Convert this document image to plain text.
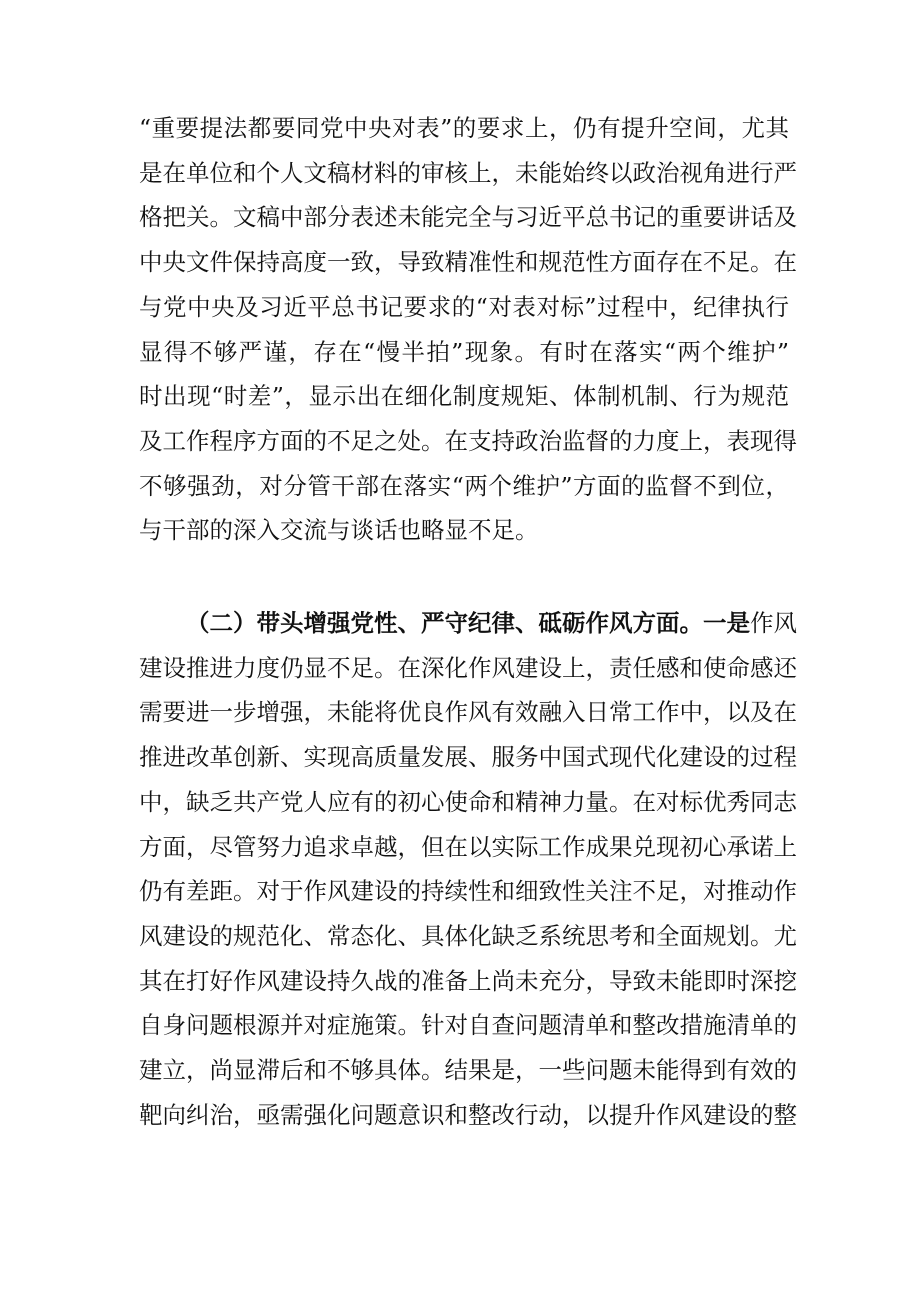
“重要提法都要同党中央对表”的要求上，仍有提升空间，尤其
是在单位和个人文稿材料的审核上，未能始终以政治视角进行严
格把关。文稿中部分表述未能完全与习近平总书记的重要讲话及
中央文件保持高度一致，导致精准性和规范性方面存在不足。在
与党中央及习近平总书记要求的“对表对标”过程中，纪律执行
显得不够严谨，存在“慢半拍”现象。有时在落实“两个维护”
时出现“时差”，显示出在细化制度规矩、体制机制、行为规范
及工作程序方面的不足之处。在支持政治监督的力度上，表现得
不够强劲，对分管干部在落实“两个维护”方面的监督不到位，
与干部的深入交流与谈话也略显不足。
（二）带头增强党性、严守纪律、砥砺作风方面。一是作风
建设推进力度仍显不足。在深化作风建设上，责任感和使命感还
需要进一步增强，未能将优良作风有效融入日常工作中，以及在
推进改革创新、实现高质量发展、服务中国式现代化建设的过程
中，缺乏共产党人应有的初心使命和精神力量。在对标优秀同志
方面，尽管努力追求卓越，但在以实际工作成果兑现初心承诺上
仍有差距。对于作风建设的持续性和细致性关注不足，对推动作
风建设的规范化、常态化、具体化缺乏系统思考和全面规划。尤
其在打好作风建设持久战的准备上尚未充分，导致未能即时深挖
自身问题根源并对症施策。针对自查问题清单和整改措施清单的
建立，尚显滞后和不够具体。结果是，一些问题未能得到有效的
靶向纠治，亟需强化问题意识和整改行动，以提升作风建设的整
